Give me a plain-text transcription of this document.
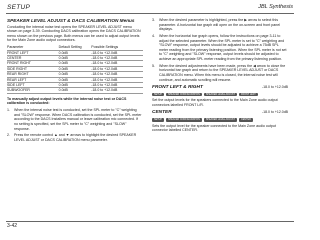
SETUP	JBL Synthesis
SPEAKER LEVEL ADJUST & DACS CALIBRATION Menus

Conducting the internal noise test opens the SPEAKER LEVEL ADJUST menu shown on page 3-39. Conducting DACS calibration opens the DACS CALIBRATION menu shown on the previous page. Both menus can be used to adjust output levels for the Main Zone audio output connectors.

Parameter	Default Setting	Possible Settings
FRONT LEFT	0.0dB	-18.0 to +12.0dB
CENTER	0.0dB	-18.0 to +12.0dB
FRONT RIGHT	0.0dB	-18.0 to +12.0dB
SIDE RIGHT	0.0dB	-18.0 to +12.0dB
REAR RIGHT	0.0dB	-18.0 to +12.0dB
REAR LEFT	0.0dB	-18.0 to +12.0dB
SIDE LEFT	0.0dB	-18.0 to +12.0dB
SUBWOOFER	0.0dB	-18.0 to +12.0dB

To manually adjust output levels while the internal noise test or DACS calibration is conducted:

1.	When the internal noise test is conducted, set the SPL meter to "C" weighting and "SLOW" response. When DACS calibration is conducted, set the SPL meter according to the DACS Installers manual or leave calibration mic connected. If no setting is specified, set the SPL meter to "C" weighting and "SLOW" response.
2.	Press the remote control ▲ and ▼ arrows to highlight the desired SPEAKER LEVEL ADJUST or DACS CALIBRATION menu parameter.
3.	When the desired parameter is highlighted, press the ▶ arrow to select this parameter. A horizontal bar graph will open on the on-screen and front panel displays.
4.	When the horizontal bar graph opens, follow the instructions on page 3-11 to adjust the selected parameter. When the SPL meter is set to "C" weighting and "SLOW" response, output levels should be adjusted to achieve a 75dB SPL meter reading from the primary listening position. When the SPL meter is not set to "C" weighting and "SLOW" response, output levels should be adjusted to achieve an appropriate SPL meter reading from the primary listening position.
5.	When the desired adjustments have been made, press the ◀ arrow to close the horizontal bar graph and return to the SPEAKER LEVEL ADJUST or DACS CALIBRATION menu. When this menu is closed, the internal noise test will continue, and automatic scrolling will resume.
FRONT LEFT & RIGHT	-18.0 to +12.0dB
SETUP	SPEAKER CONFIGURATION	SPEAKER LEVEL ADJUST	FRONT LEFT

Set the output levels for the speakers connected to the Main Zone audio output connectors labelled FRONT L/R.

CENTER	-18.0 to +12.0dB
SETUP	SPEAKER CONFIGURATION	SPEAKER LEVEL ADJUST	CENTER

Sets the output level for the speaker connected to the Main Zone audio output connector labelled CENTER.

3-42
